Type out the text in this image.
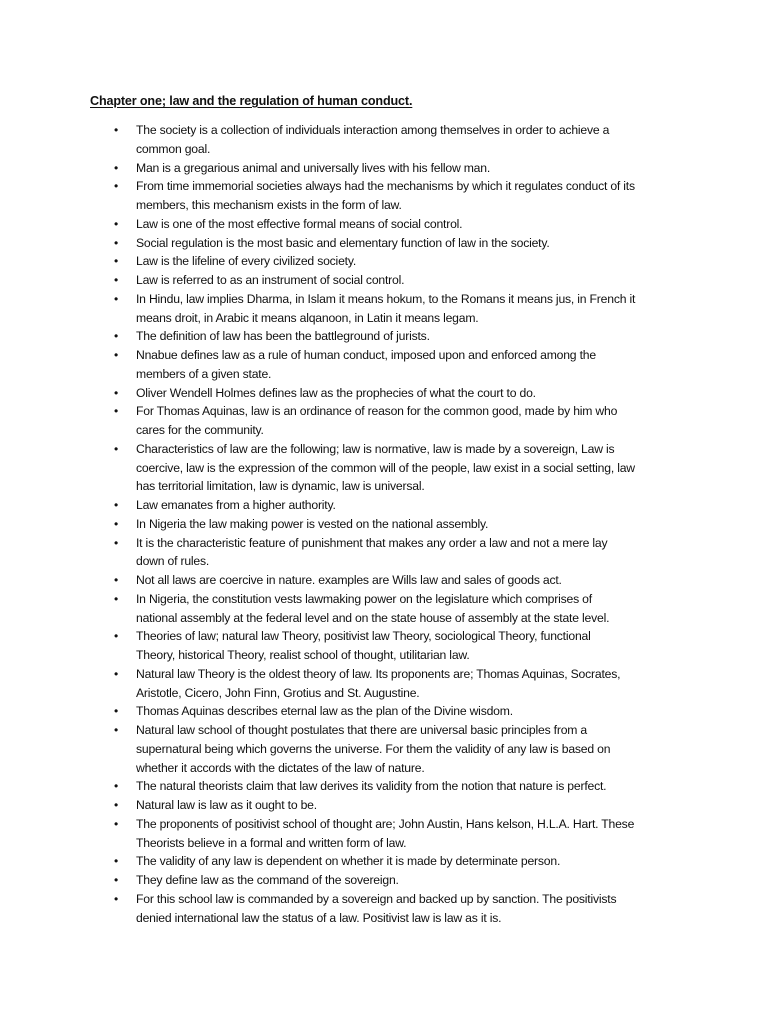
Chapter one; law and the regulation of human conduct.
• The society is a collection of individuals interaction among themselves in order to achieve a
common goal.
• Man is a gregarious animal and universally lives with his fellow man.
• From time immemorial societies always had the mechanisms by which it regulates conduct of its
members, this mechanism exists in the form of law.
• Law is one of the most effective formal means of social control.
• Social regulation is the most basic and elementary function of law in the society.
• Law is the lifeline of every civilized society.
• Law is referred to as an instrument of social control.
• In Hindu, law implies Dharma, in Islam it means hokum, to the Romans it means jus, in French it
means droit, in Arabic it means alqanoon, in Latin it means legam.
• The definition of law has been the battleground of jurists.
• Nnabue defines law as a rule of human conduct, imposed upon and enforced among the
members of a given state.
• Oliver Wendell Holmes defines law as the prophecies of what the court to do.
• For Thomas Aquinas, law is an ordinance of reason for the common good, made by him who
cares for the community.
• Characteristics of law are the following; law is normative, law is made by a sovereign, Law is
coercive, law is the expression of the common will of the people, law exist in a social setting, law
has territorial limitation, law is dynamic, law is universal.
• Law emanates from a higher authority.
• In Nigeria the law making power is vested on the national assembly.
• It is the characteristic feature of punishment that makes any order a law and not a mere lay
down of rules.
• Not all laws are coercive in nature. examples are Wills law and sales of goods act.
• In Nigeria, the constitution vests lawmaking power on the legislature which comprises of
national assembly at the federal level and on the state house of assembly at the state level.
• Theories of law; natural law Theory, positivist law Theory, sociological Theory, functional
Theory, historical Theory, realist school of thought, utilitarian law.
• Natural law Theory is the oldest theory of law. Its proponents are; Thomas Aquinas, Socrates,
Aristotle, Cicero, John Finn, Grotius and St. Augustine.
• Thomas Aquinas describes eternal law as the plan of the Divine wisdom.
• Natural law school of thought postulates that there are universal basic principles from a
supernatural being which governs the universe. For them the validity of any law is based on
whether it accords with the dictates of the law of nature.
• The natural theorists claim that law derives its validity from the notion that nature is perfect.
• Natural law is law as it ought to be.
• The proponents of positivist school of thought are; John Austin, Hans kelson, H.L.A. Hart. These
Theorists believe in a formal and written form of law.
• The validity of any law is dependent on whether it is made by determinate person.
• They define law as the command of the sovereign.
• For this school law is commanded by a sovereign and backed up by sanction. The positivists
denied international law the status of a law. Positivist law is law as it is.
